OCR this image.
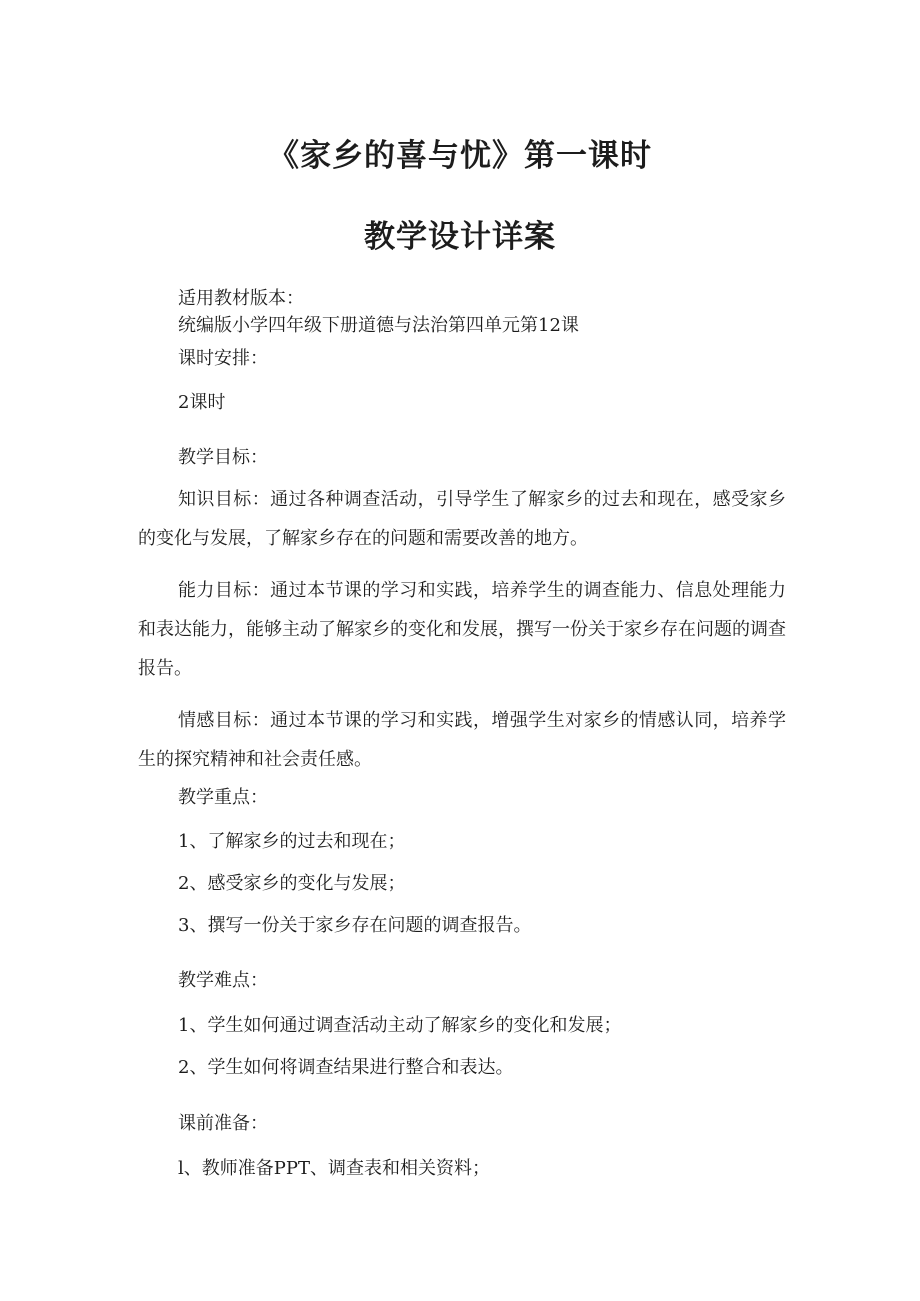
《家乡的喜与忧》第一课时
教学设计详案

适用教材版本：

统编版小学四年级下册道德与法治第四单元第12课

课时安排：

2课时

教学目标：

知识目标：通过各种调查活动，引导学生了解家乡的过去和现在，感受家乡的变化与发展，了解家乡存在的问题和需要改善的地方。

能力目标：通过本节课的学习和实践，培养学生的调查能力、信息处理能力和表达能力，能够主动了解家乡的变化和发展，撰写一份关于家乡存在问题的调查报告。

情感目标：通过本节课的学习和实践，增强学生对家乡的情感认同，培养学生的探究精神和社会责任感。

教学重点：

1、了解家乡的过去和现在；

2、感受家乡的变化与发展；

3、撰写一份关于家乡存在问题的调查报告。

教学难点：

1、学生如何通过调查活动主动了解家乡的变化和发展；

2、学生如何将调查结果进行整合和表达。

课前准备：

l、教师准备PPT、调查表和相关资料；
